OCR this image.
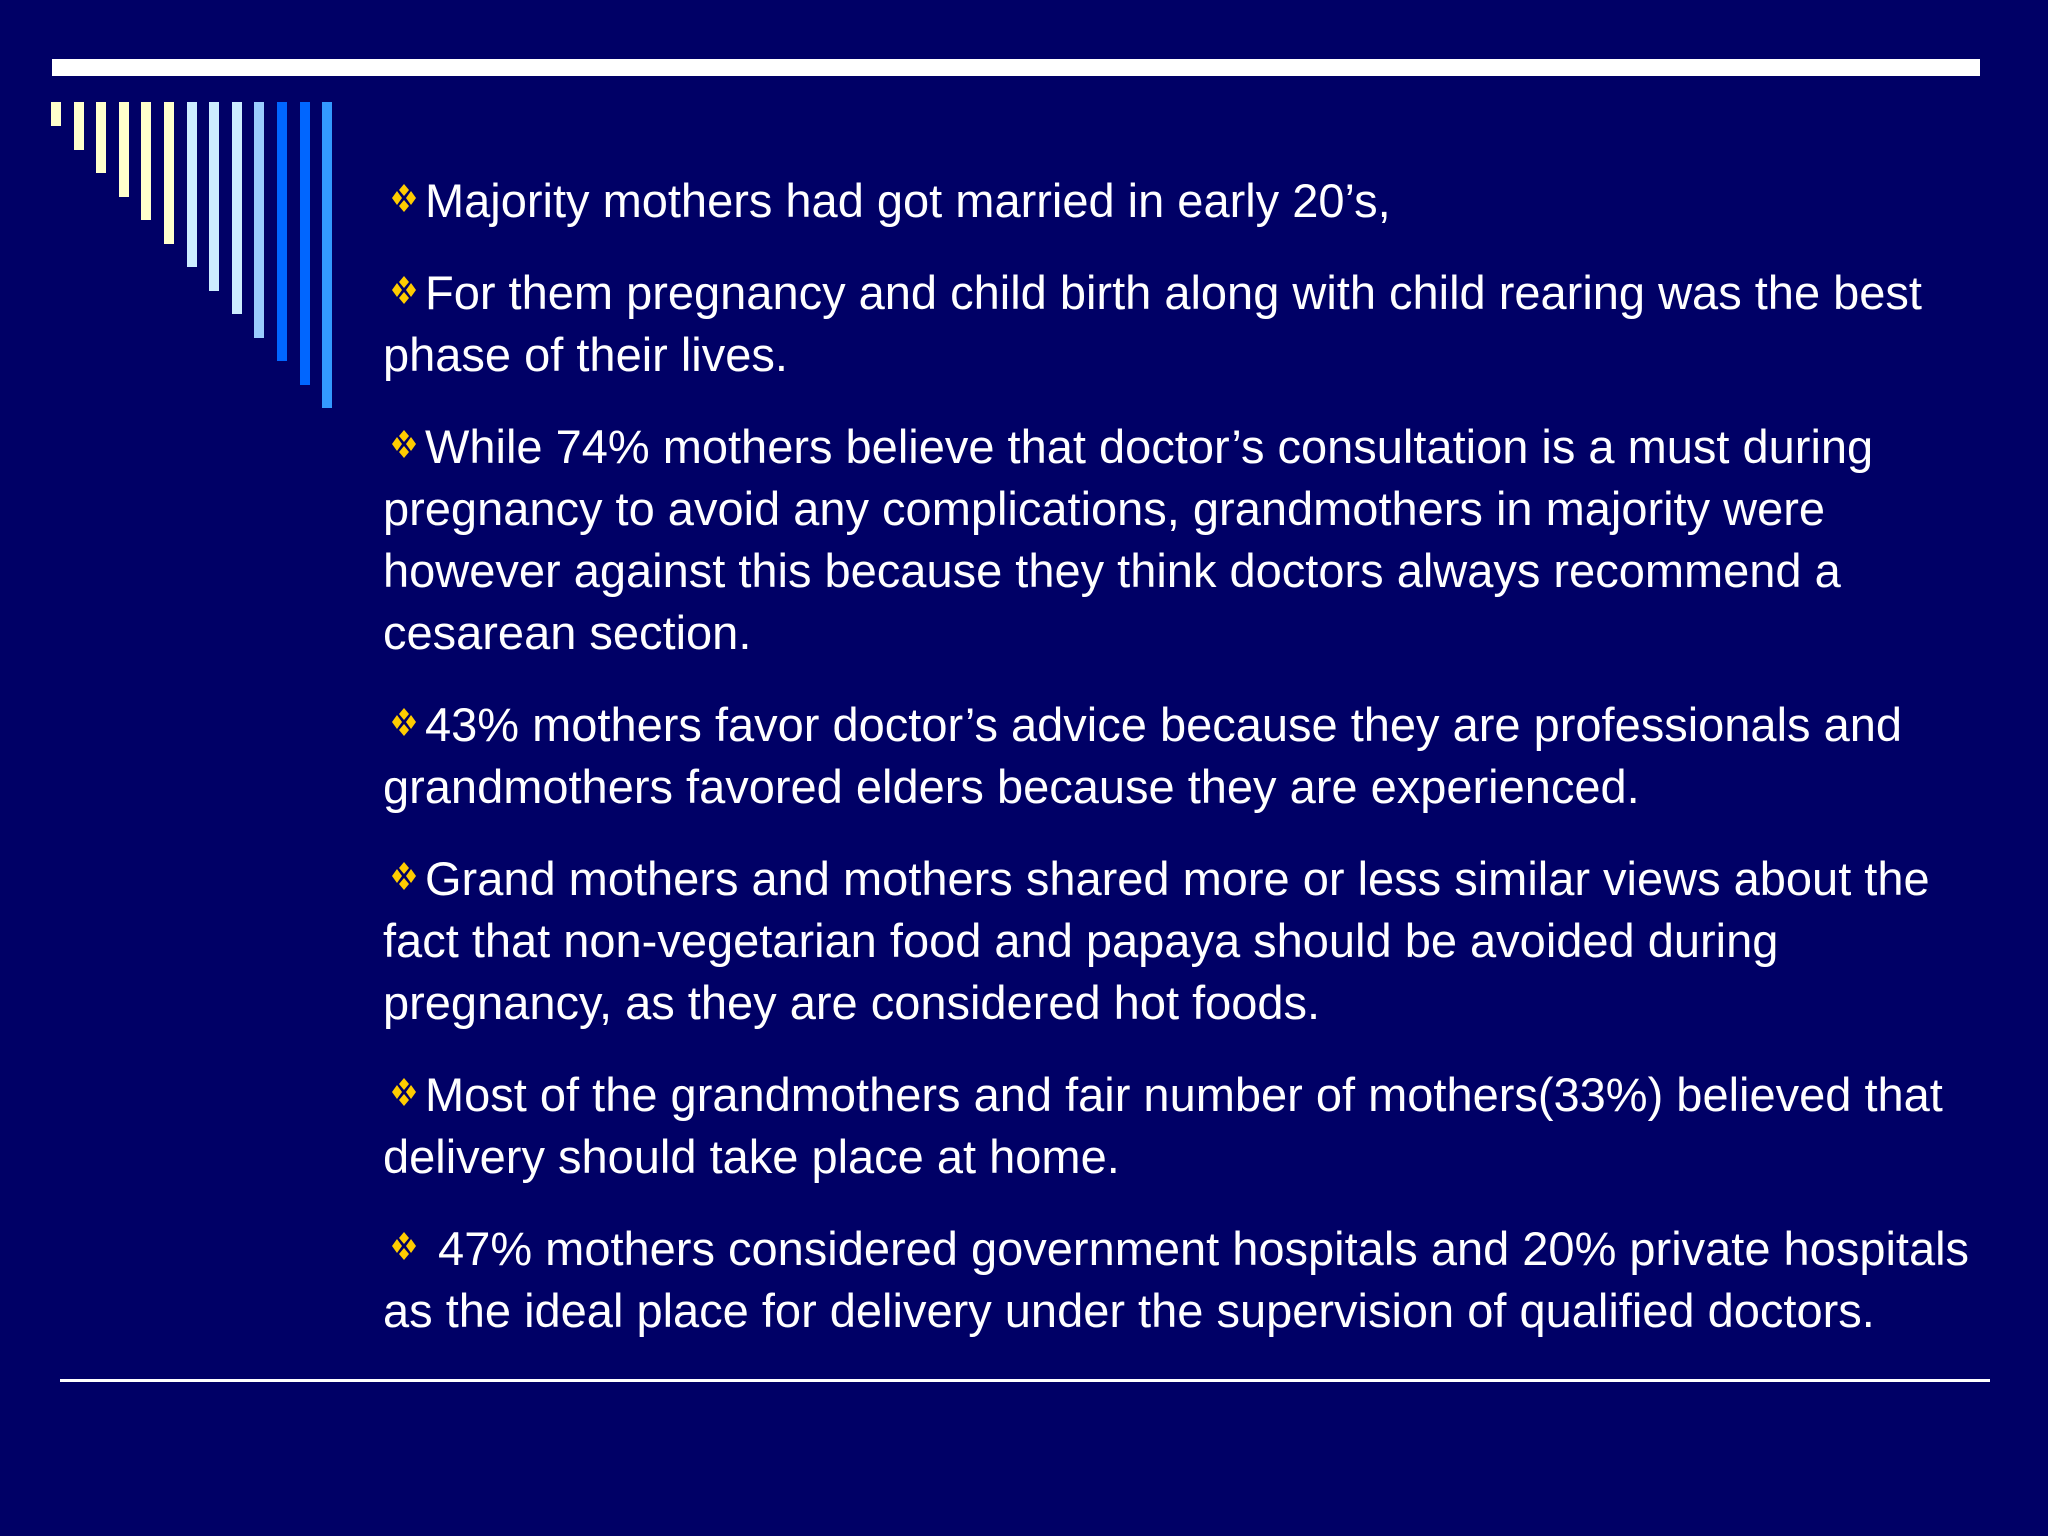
Majority mothers had got married in early 20’s,
For them pregnancy and child birth along with child rearing was the best phase of their lives.
While 74% mothers believe that doctor’s consultation is a must during pregnancy to avoid any complications, grandmothers in majority were however against this because they think doctors always recommend a cesarean section.
43% mothers favor doctor’s advice because they are professionals and grandmothers favored elders because they are experienced.
Grand mothers and mothers shared more or less similar views about the fact that non-vegetarian food and papaya should be avoided during pregnancy, as they are considered hot foods.
Most of the grandmothers and fair number of mothers(33%) believed that delivery should take place at home.
47% mothers considered government hospitals and 20% private hospitals as the ideal place for delivery under the supervision of qualified doctors.
